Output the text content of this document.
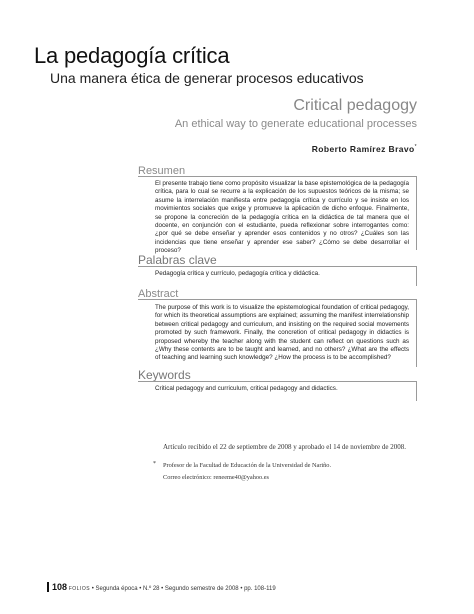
La pedagogía crítica
Una manera ética de generar procesos educativos
Critical pedagogy
An ethical way to generate educational processes
Roberto Ramírez Bravo*
Resumen
El presente trabajo tiene como propósito visualizar la base epistemológica de la pedagogía crítica, para lo cual se recurre a la explicación de los supuestos teóricos de la misma; se asume la interrelación manifiesta entre pedagogía crítica y currículo y se insiste en los movimientos sociales que exige y promueve la aplicación de dicho enfoque. Finalmente, se propone la concreción de la pedagogía crítica en la didáctica de tal manera que el docente, en conjunción con el estudiante, pueda reflexionar sobre interrogantes como: ¿por qué se debe enseñar y aprender esos contenidos y no otros? ¿Cuáles son las incidencias que tiene enseñar y aprender ese saber? ¿Cómo se debe desarrollar el proceso?
Palabras clave
Pedagogía crítica y currículo, pedagogía crítica y didáctica.
Abstract
The purpose of this work is to visualize the epistemological foundation of critical pedagogy, for which its theoretical assumptions are explained; assuming the manifest interrelationship between critical pedagogy and curriculum, and insisting on the required social movements promoted by such framework. Finally, the concretion of critical pedagogy in didactics is proposed whereby the teacher along with the student can reflect on questions such as ¿Why these contents are to be taught and learned, and no others? ¿What are the effects of teaching and learning such knowledge? ¿How the process is to be accomplished?
Keywords
Critical pedagogy and curriculum, critical pedagogy and didactics.
Artículo recibido el 22 de septiembre de 2008 y aprobado el 14 de noviembre de 2008.
* Profesor de la Facultad de Educación de la Universidad de Nariño.
Correo electrónico: reneeme40@yahoo.es
108 FOLIOS • Segunda época • N.º 28 • Segundo semestre de 2008 • pp. 108-119
